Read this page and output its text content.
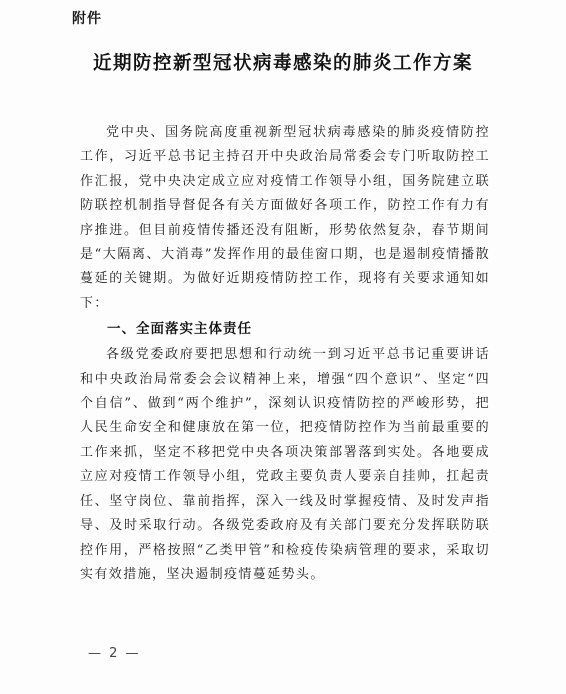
附件
近期防控新型冠状病毒感染的肺炎工作方案

党中央、国务院高度重视新型冠状病毒感染的肺炎疫情防控工作，习近平总书记主持召开中央政治局常委会专门听取防控工作汇报，党中央决定成立应对疫情工作领导小组，国务院建立联防联控机制指导督促各有关方面做好各项工作，防控工作有力有序推进。但目前疫情传播还没有阻断，形势依然复杂，春节期间是“大隔离、大消毒”发挥作用的最佳窗口期，也是遏制疫情播散蔓延的关键期。为做好近期疫情防控工作，现将有关要求通知如下：

一、全面落实主体责任

各级党委政府要把思想和行动统一到习近平总书记重要讲话和中央政治局常委会会议精神上来，增强“四个意识”、坚定“四个自信”、做到“两个维护”，深刻认识疫情防控的严峻形势，把人民生命安全和健康放在第一位，把疫情防控作为当前最重要的工作来抓，坚定不移把党中央各项决策部署落到实处。各地要成立应对疫情工作领导小组，党政主要负责人要亲自挂帅，扛起责任、坚守岗位、靠前指挥，深入一线及时掌握疫情、及时发声指导、及时采取行动。各级党委政府及有关部门要充分发挥联防联控作用，严格按照“乙类甲管”和检疫传染病管理的要求，采取切实有效措施，坚决遏制疫情蔓延势头。

— 2 —
